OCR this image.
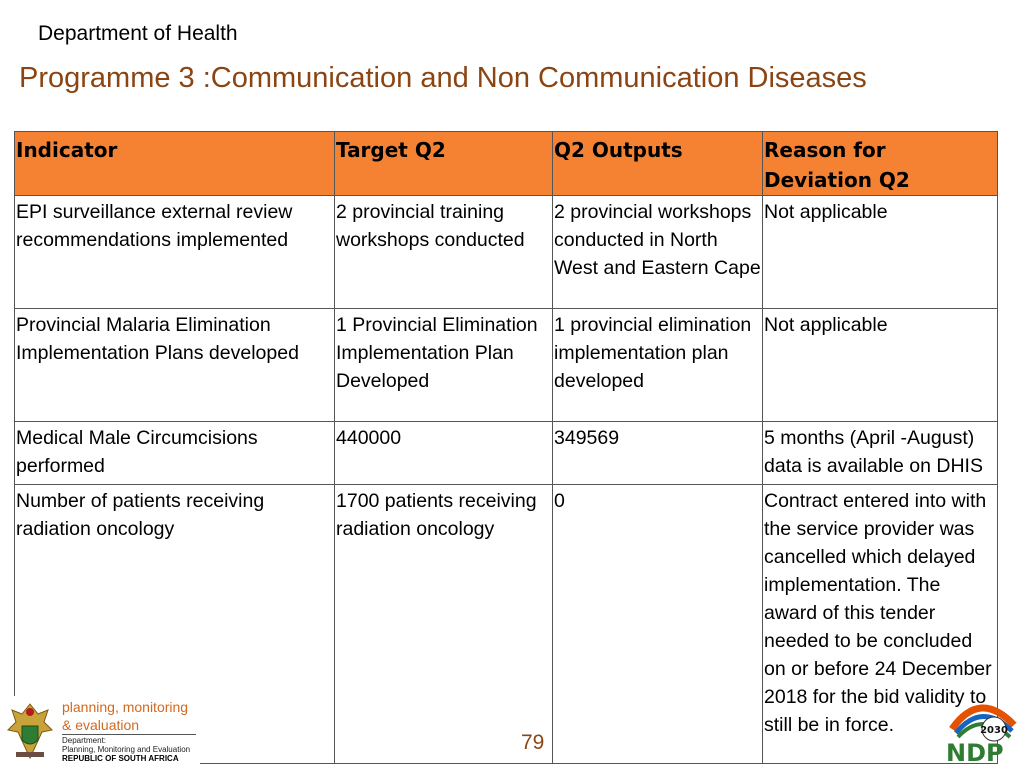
Department of Health
Programme 3 :Communication and Non Communication Diseases
Indicator	Target Q2	Q2 Outputs	Reason for Deviation Q2
EPI surveillance external review recommendations implemented	2 provincial training workshops conducted	2 provincial workshops conducted in North West and Eastern Cape	Not applicable
Provincial Malaria Elimination Implementation Plans developed	1 Provincial Elimination Implementation Plan Developed	1 provincial elimination implementation plan developed	Not applicable
Medical Male Circumcisions performed	440000	349569	5 months (April -August) data is available on DHIS
Number of patients receiving radiation oncology	1700 patients receiving radiation oncology	0	Contract entered into with the service provider was cancelled which delayed implementation. The award of this tender needed to be concluded on or before 24 December 2018 for the bid validity to still be in force.
planning, monitoring
& evaluation
Department:
Planning, Monitoring and Evaluation
REPUBLIC OF SOUTH AFRICA
79
2030
NDP
